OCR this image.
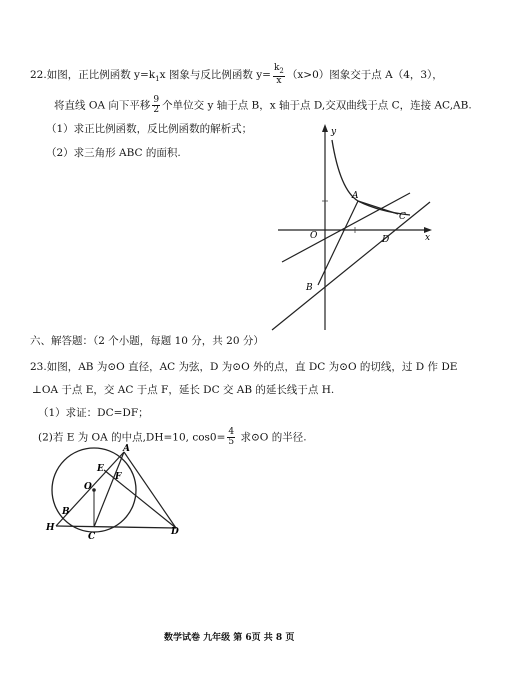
22.如图，正比例函数 $y=k_1x$ 图象与反比例函数 $y= \frac{k_2}{x} (x>0)$图象交于点 A（4，3），
将直线 OA 向下平移 $\frac{9}{2}$ 个单位交 y 轴于点 B，x 轴于点 D,交双曲线于点 C，连接 AC,AB.
（1）求正比例函数，反比例函数的解析式；
（2）求三角形 ABC 的面积.
y
x
O
A
B
C
D
六、解答题：（2 个小题，每题 10 分，共 20 分）
23.如图，AB 为⊙O 直径，AC 为弦，D 为⊙O 外的点，直 DC 为⊙O 的切线，过 D 作 DE
⊥OA 于点 E，交 AC 于点 F，延长 DC 交 AB 的延长线于点 H.
（1）求证：DC=DF；
(2)若 E 为 OA 的中点,DH=10, $\cos 0= \frac{4}{5}$ 求⊙O 的半径.
A
E
F
O
B
H
C	D
数学试卷 九年级 第 6页 共 8 页
